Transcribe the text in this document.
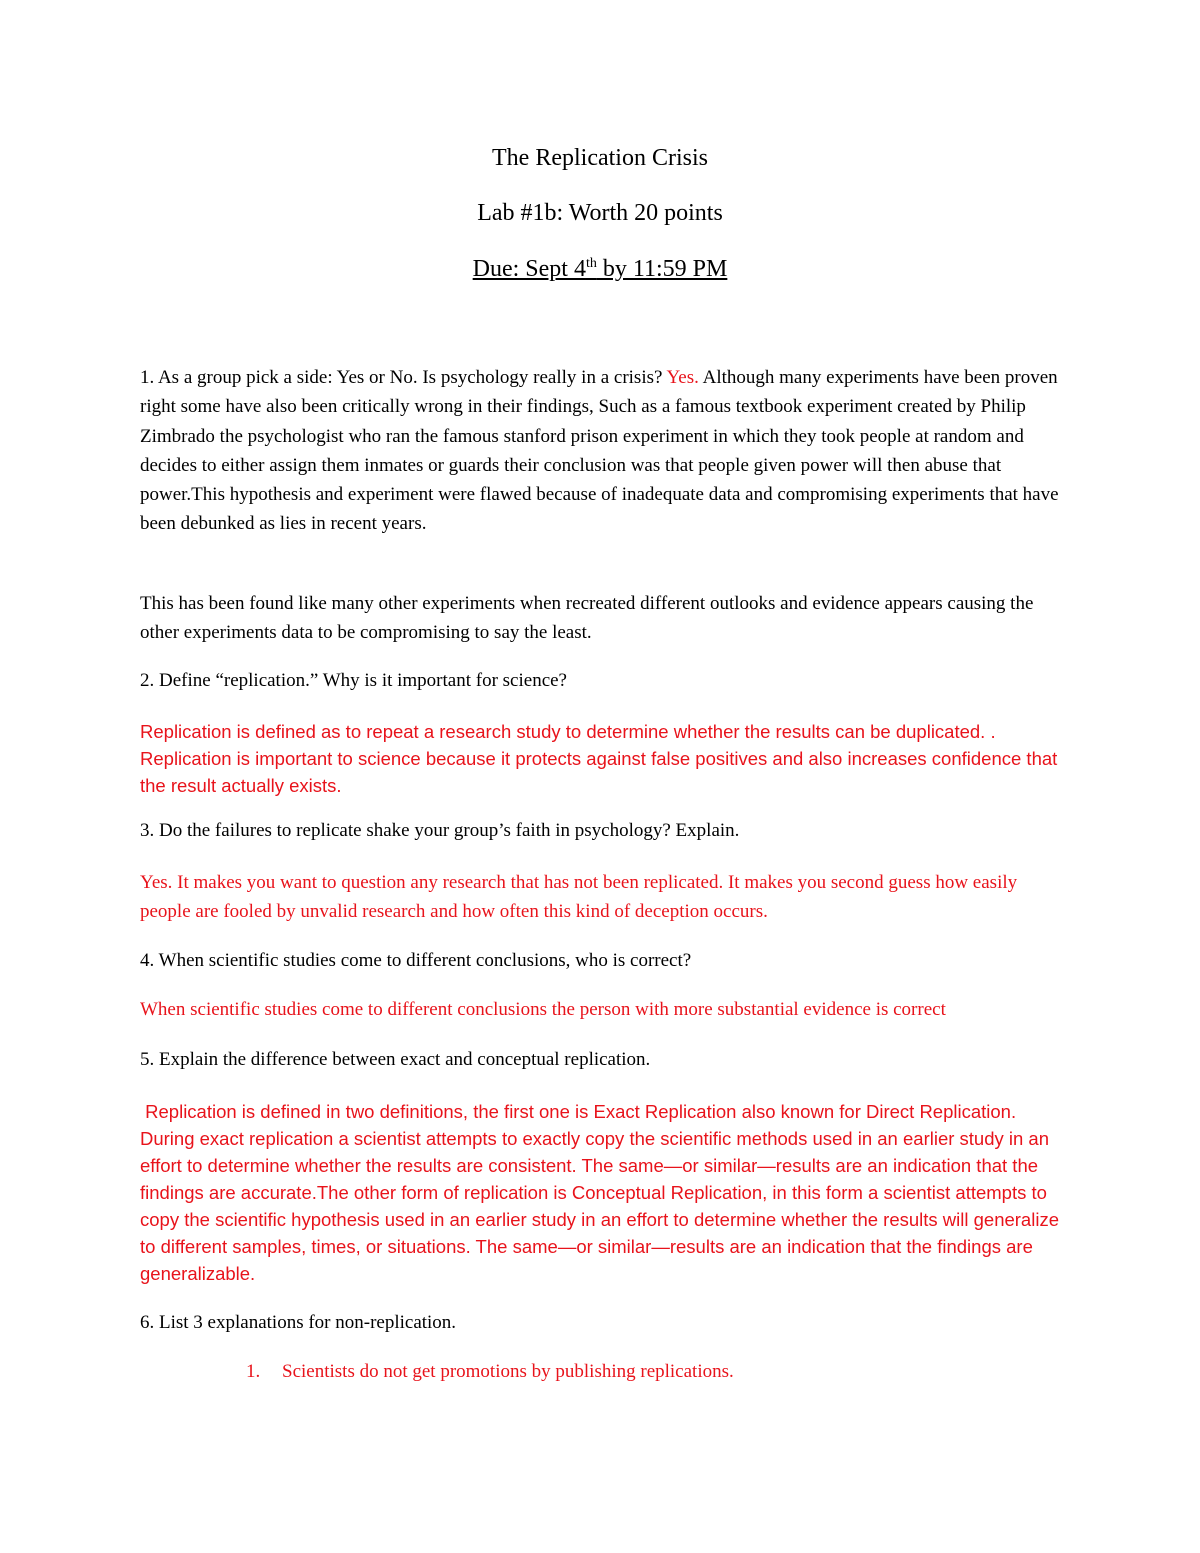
The Replication Crisis

Lab #1b: Worth 20 points

Due: Sept 4th by 11:59 PM

1. As a group pick a side: Yes or No. Is psychology really in a crisis? Yes. Although many experiments have been proven right some have also been critically wrong in their findings, Such as a famous textbook experiment created by Philip Zimbrado the psychologist who ran the famous stanford prison experiment in which they took people at random and decides to either assign them inmates or guards their conclusion was that people given power will then abuse that power.This hypothesis and experiment were flawed because of inadequate data and compromising experiments that have been debunked as lies in recent years.

This has been found like many other experiments when recreated different outlooks and evidence appears causing the other experiments data to be compromising to say the least.

2. Define “replication.” Why is it important for science?

Replication is defined as to repeat a research study to determine whether the results can be duplicated. . Replication is important to science because it protects against false positives and also increases confidence that the result actually exists.

3. Do the failures to replicate shake your group’s faith in psychology? Explain.

Yes. It makes you want to question any research that has not been replicated. It makes you second guess how easily people are fooled by unvalid research and how often this kind of deception occurs.

4. When scientific studies come to different conclusions, who is correct?

When scientific studies come to different conclusions the person with more substantial evidence is correct

5. Explain the difference between exact and conceptual replication.

Replication is defined in two definitions, the first one is Exact Replication also known for Direct Replication. During exact replication a scientist attempts to exactly copy the scientific methods used in an earlier study in an effort to determine whether the results are consistent. The same—or similar—results are an indication that the findings are accurate.The other form of replication is Conceptual Replication, in this form a scientist attempts to copy the scientific hypothesis used in an earlier study in an effort to determine whether the results will generalize to different samples, times, or situations. The same—or similar—results are an indication that the findings are generalizable.

6. List 3 explanations for non-replication.

1. Scientists do not get promotions by publishing replications.
